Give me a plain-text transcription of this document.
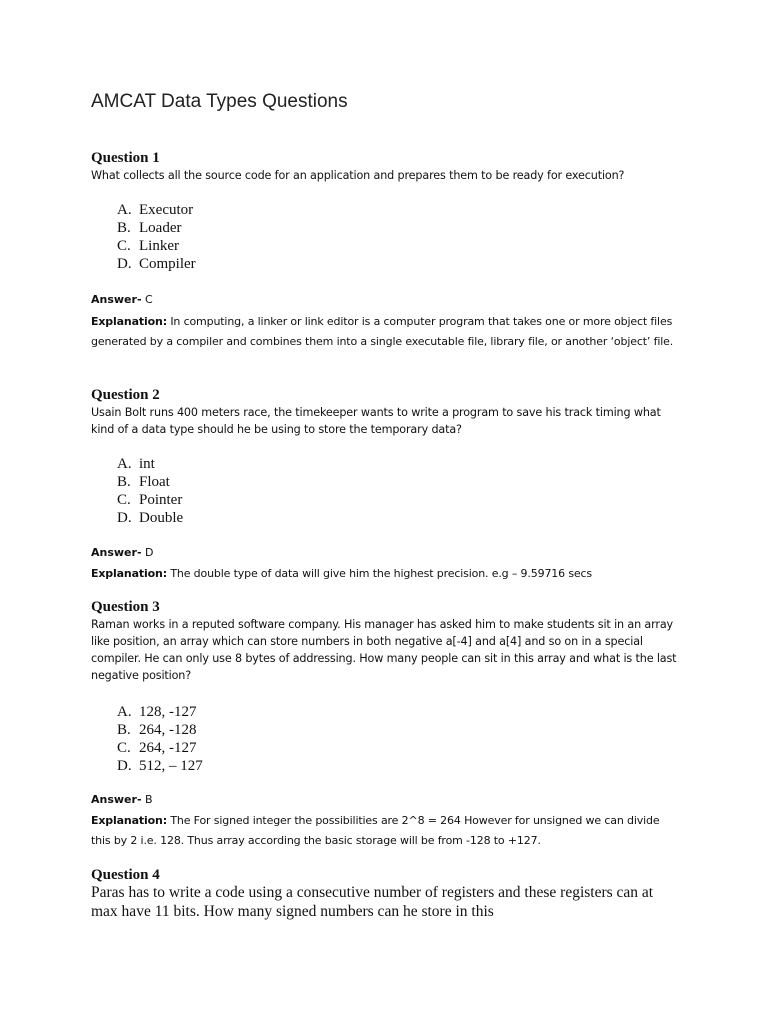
AMCAT Data Types Questions

Question 1

What collects all the source code for an application and prepares them to be ready for execution?

A. Executor
B. Loader
C. Linker
D. Compiler

Answer- C

Explanation: In computing, a linker or link editor is a computer program that takes one or more object files generated by a compiler and combines them into a single executable file, library file, or another ‘object’ file.

Question 2

Usain Bolt runs 400 meters race, the timekeeper wants to write a program to save his track timing what kind of a data type should he be using to store the temporary data?

A. int
B. Float
C. Pointer
D. Double

Answer- D

Explanation: The double type of data will give him the highest precision. e.g – 9.59716 secs

Question 3

Raman works in a reputed software company. His manager has asked him to make students sit in an array like position, an array which can store numbers in both negative a[-4] and a[4] and so on in a special compiler. He can only use 8 bytes of addressing. How many people can sit in this array and what is the last negative position?

A. 128, -127
B. 264, -128
C. 264, -127
D. 512, – 127

Answer- B

Explanation: The For signed integer the possibilities are 2^8 = 264 However for unsigned we can divide this by 2 i.e. 128. Thus array according the basic storage will be from -128 to +127.

Question 4

Paras has to write a code using a consecutive number of registers and these registers can at max have 11 bits. How many signed numbers can he store in this
